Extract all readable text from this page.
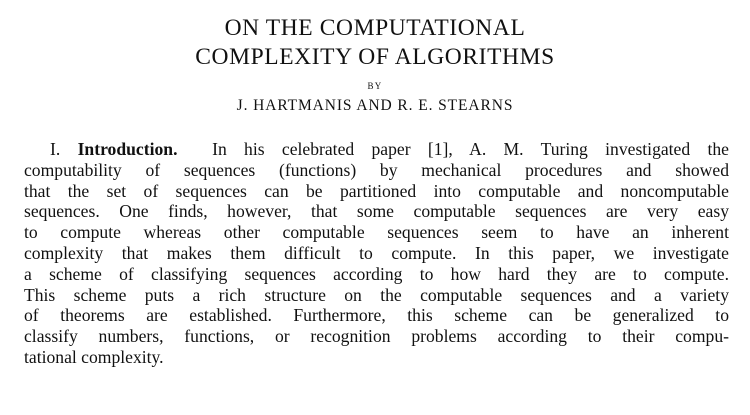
ON THE COMPUTATIONAL
COMPLEXITY OF ALGORITHMS
BY
J. HARTMANIS AND R. E. STEARNS
I. Introduction. In his celebrated paper [1], A. M. Turing investigated the
computability of sequences (functions) by mechanical procedures and showed
that the set of sequences can be partitioned into computable and noncomputable
sequences. One finds, however, that some computable sequences are very easy
to compute whereas other computable sequences seem to have an inherent
complexity that makes them difficult to compute. In this paper, we investigate
a scheme of classifying sequences according to how hard they are to compute.
This scheme puts a rich structure on the computable sequences and a variety
of theorems are established. Furthermore, this scheme can be generalized to
classify numbers, functions, or recognition problems according to their compu-
tational complexity.
